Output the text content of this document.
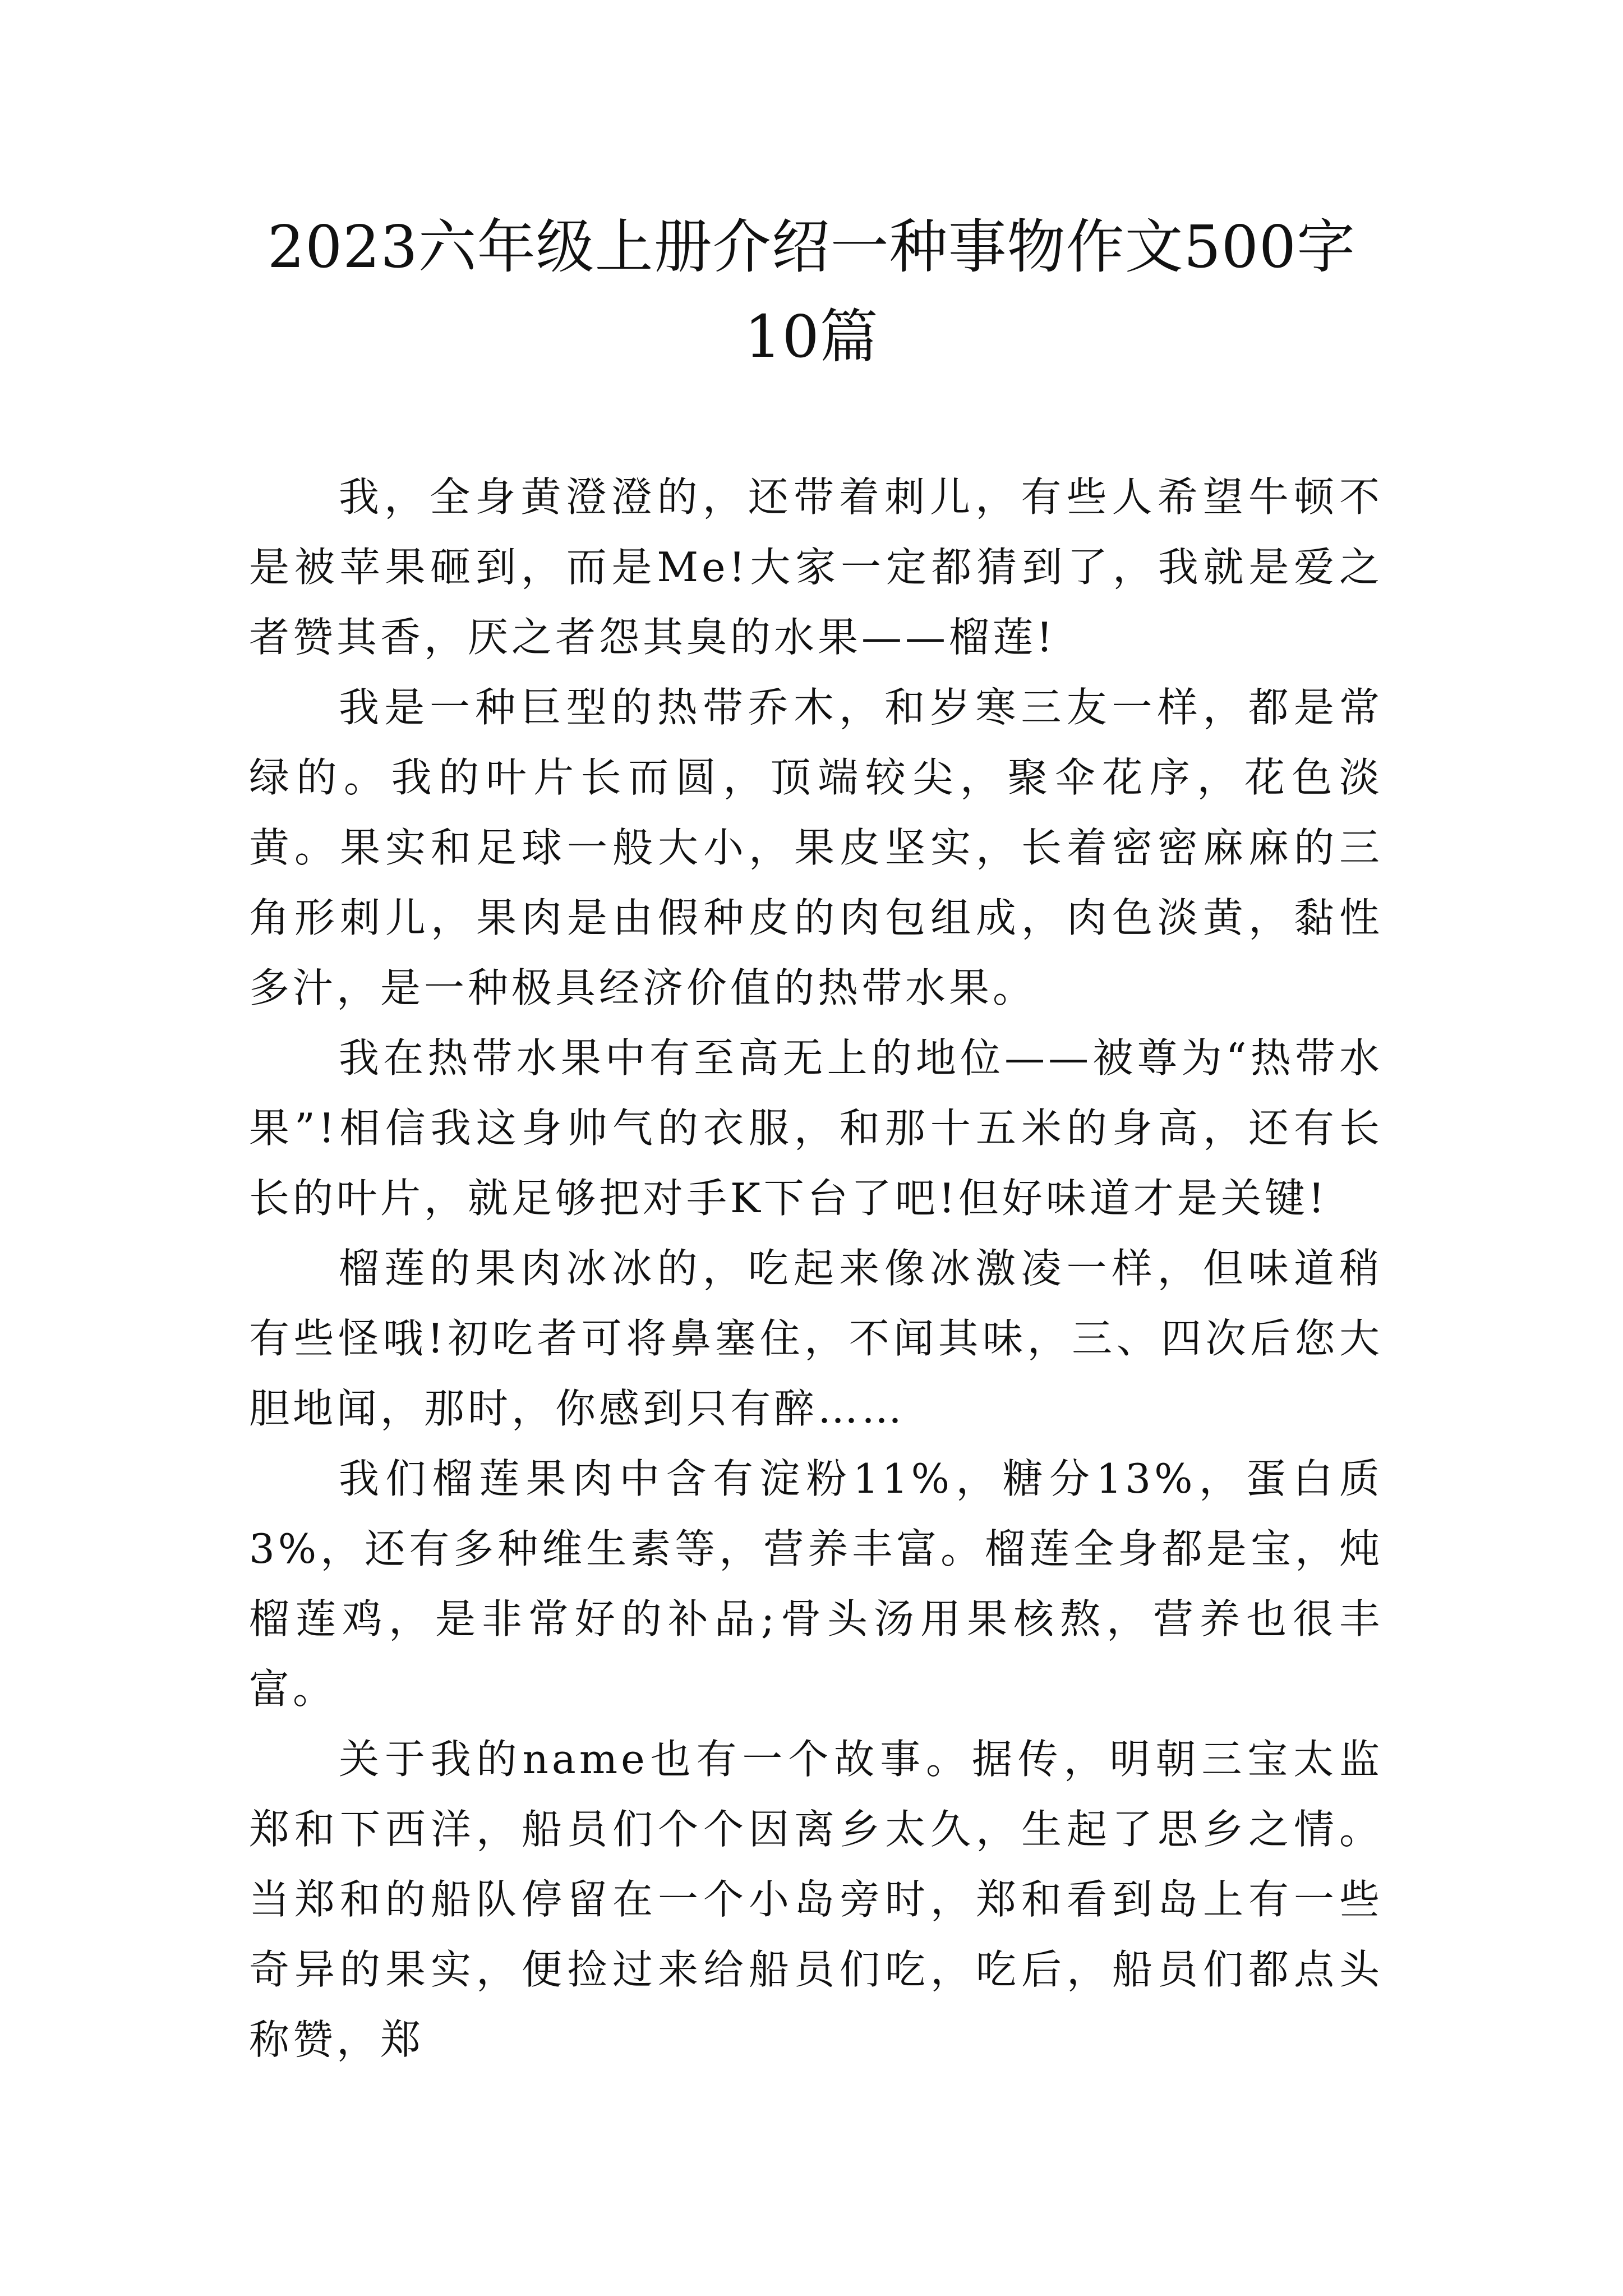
2023六年级上册介绍一种事物作文500字
10篇

我，全身黄澄澄的，还带着刺儿，有些人希望牛顿不是被苹果砸到，而是Me!大家一定都猜到了，我就是爱之者赞其香，厌之者怨其臭的水果——榴莲!

我是一种巨型的热带乔木，和岁寒三友一样，都是常绿的。我的叶片长而圆，顶端较尖，聚伞花序，花色淡黄。果实和足球一般大小，果皮坚实，长着密密麻麻的三角形刺儿，果肉是由假种皮的肉包组成，肉色淡黄，黏性多汁，是一种极具经济价值的热带水果。

我在热带水果中有至高无上的地位——被尊为“热带水果”!相信我这身帅气的衣服，和那十五米的身高，还有长长的叶片，就足够把对手K下台了吧!但好味道才是关键!

榴莲的果肉冰冰的，吃起来像冰激凌一样，但味道稍有些怪哦!初吃者可将鼻塞住，不闻其味，三、四次后您大胆地闻，那时，你感到只有醉……

我们榴莲果肉中含有淀粉11%，糖分13%，蛋白质3%，还有多种维生素等，营养丰富。榴莲全身都是宝，炖榴莲鸡，是非常好的补品;骨头汤用果核熬，营养也很丰富。

关于我的name也有一个故事。据传，明朝三宝太监郑和下西洋，船员们个个因离乡太久，生起了思乡之情。当郑和的船队停留在一个小岛旁时，郑和看到岛上有一些奇异的果实，便捡过来给船员们吃，吃后，船员们都点头称赞，郑
